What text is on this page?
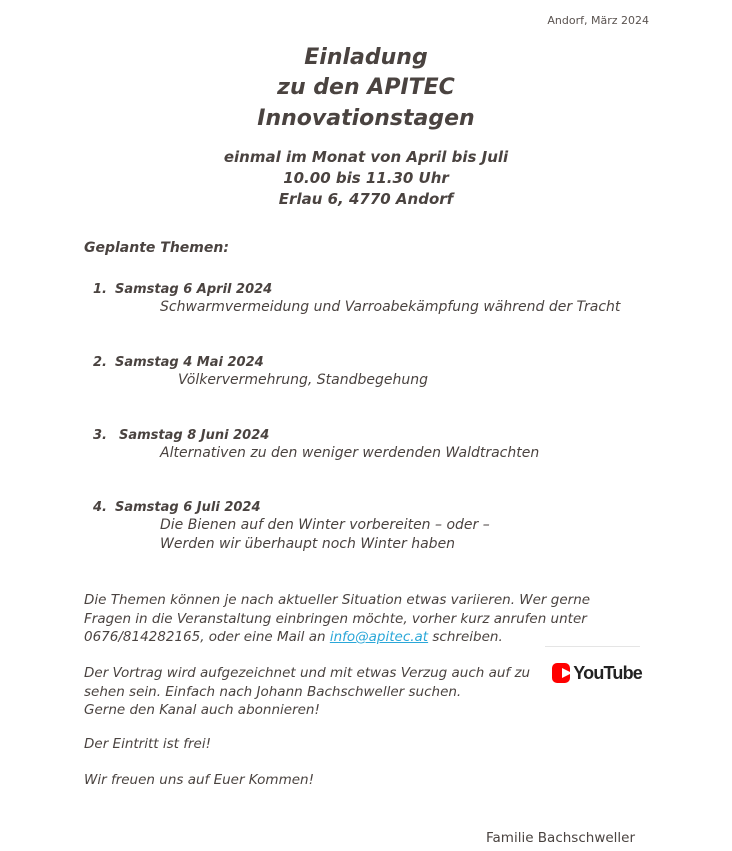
Andorf, März 2024
Einladung
zu den APITEC
Innovationstagen
einmal im Monat von April bis Juli
10.00 bis 11.30 Uhr
Erlau 6, 4770 Andorf
Geplante Themen:
1. Samstag 6 April 2024
Schwarmvermeidung und Varroabekämpfung während der Tracht
2. Samstag 4 Mai 2024
Völkervermehrung, Standbegehung
3. Samstag 8 Juni 2024
Alternativen zu den weniger werdenden Waldtrachten
4. Samstag 6 Juli 2024
Die Bienen auf den Winter vorbereiten – oder –
Werden wir überhaupt noch Winter haben
Die Themen können je nach aktueller Situation etwas variieren. Wer gerne Fragen in die Veranstaltung einbringen möchte, vorher kurz anrufen unter 0676/814282165, oder eine Mail an info@apitec.at schreiben.
Der Vortrag wird aufgezeichnet und mit etwas Verzug auch auf zu sehen sein. Einfach nach Johann Bachschweller suchen.
Gerne den Kanal auch abonnieren!
YouTube
Der Eintritt ist frei!
Wir freuen uns auf Euer Kommen!
Familie Bachschweller
